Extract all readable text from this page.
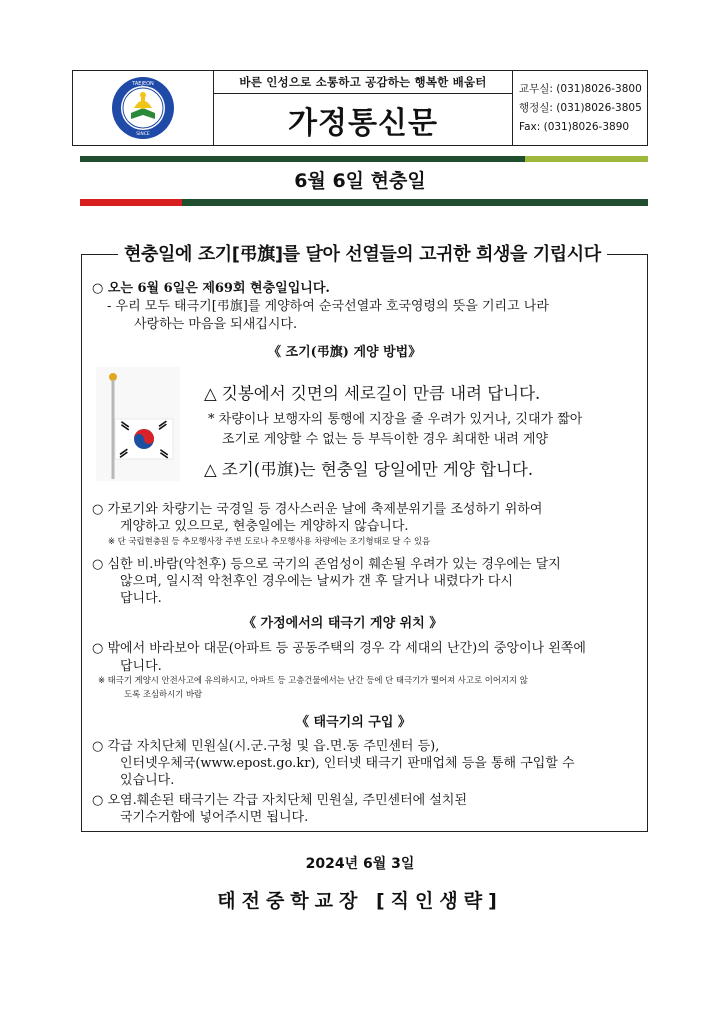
TAEJEON
SINCE
바른 인성으로 소통하고 공감하는 행복한 배움터
가정통신문
교무실: (031)8026-3800
행정실: (031)8026-3805
Fax: (031)8026-3890
6월 6일 현충일
현충일에 조기[弔旗]를 달아 선열들의 고귀한 희생을 기립시다
○ 오는 6월 6일은 제69회 현충일입니다.
- 우리 모두 태극기[弔旗]를 게양하여 순국선열과 호국영령의 뜻을 기리고 나라
사랑하는 마음을 되새깁시다.
《 조기(弔旗) 게양 방법》
△ 깃봉에서 깃면의 세로길이 만큼 내려 답니다.
* 차량이나 보행자의 통행에 지장을 줄 우려가 있거나, 깃대가 짧아
조기로 게양할 수 없는 등 부득이한 경우 최대한 내려 게양
△ 조기(弔旗)는 현충일 당일에만 게양 합니다.
○ 가로기와 차량기는 국경일 등 경사스러운 날에 축제분위기를 조성하기 위하여
게양하고 있으므로, 현충일에는 게양하지 않습니다.
※ 단 국립현충원 등 추모행사장 주변 도로나 추모행사용 차량에는 조기형태로 달 수 있음
○ 심한 비.바람(악천후) 등으로 국기의 존엄성이 훼손될 우려가 있는 경우에는 달지
않으며, 일시적 악천후인 경우에는 날씨가 갠 후 달거나 내렸다가 다시
답니다.
《 가정에서의 태극기 게양 위치 》
○ 밖에서 바라보아 대문(아파트 등 공동주택의 경우 각 세대의 난간)의 중앙이나 왼쪽에
답니다.
※ 태극기 게양시 안전사고에 유의하시고, 아파트 등 고층건물에서는 난간 등에 단 태극기가 떨어져 사고로 이어지지 않
도록 조심하시기 바람
《 태극기의 구입 》
○ 각급 자치단체 민원실(시.군.구청 및 읍.면.동 주민센터 등),
인터넷우체국(www.epost.go.kr), 인터넷 태극기 판매업체 등을 통해 구입할 수
있습니다.
○ 오염.훼손된 태극기는 각급 자치단체 민원실, 주민센터에 설치된
국기수거함에 넣어주시면 됩니다.
2024년 6월 3일
태전중학교장 [직인생략]
